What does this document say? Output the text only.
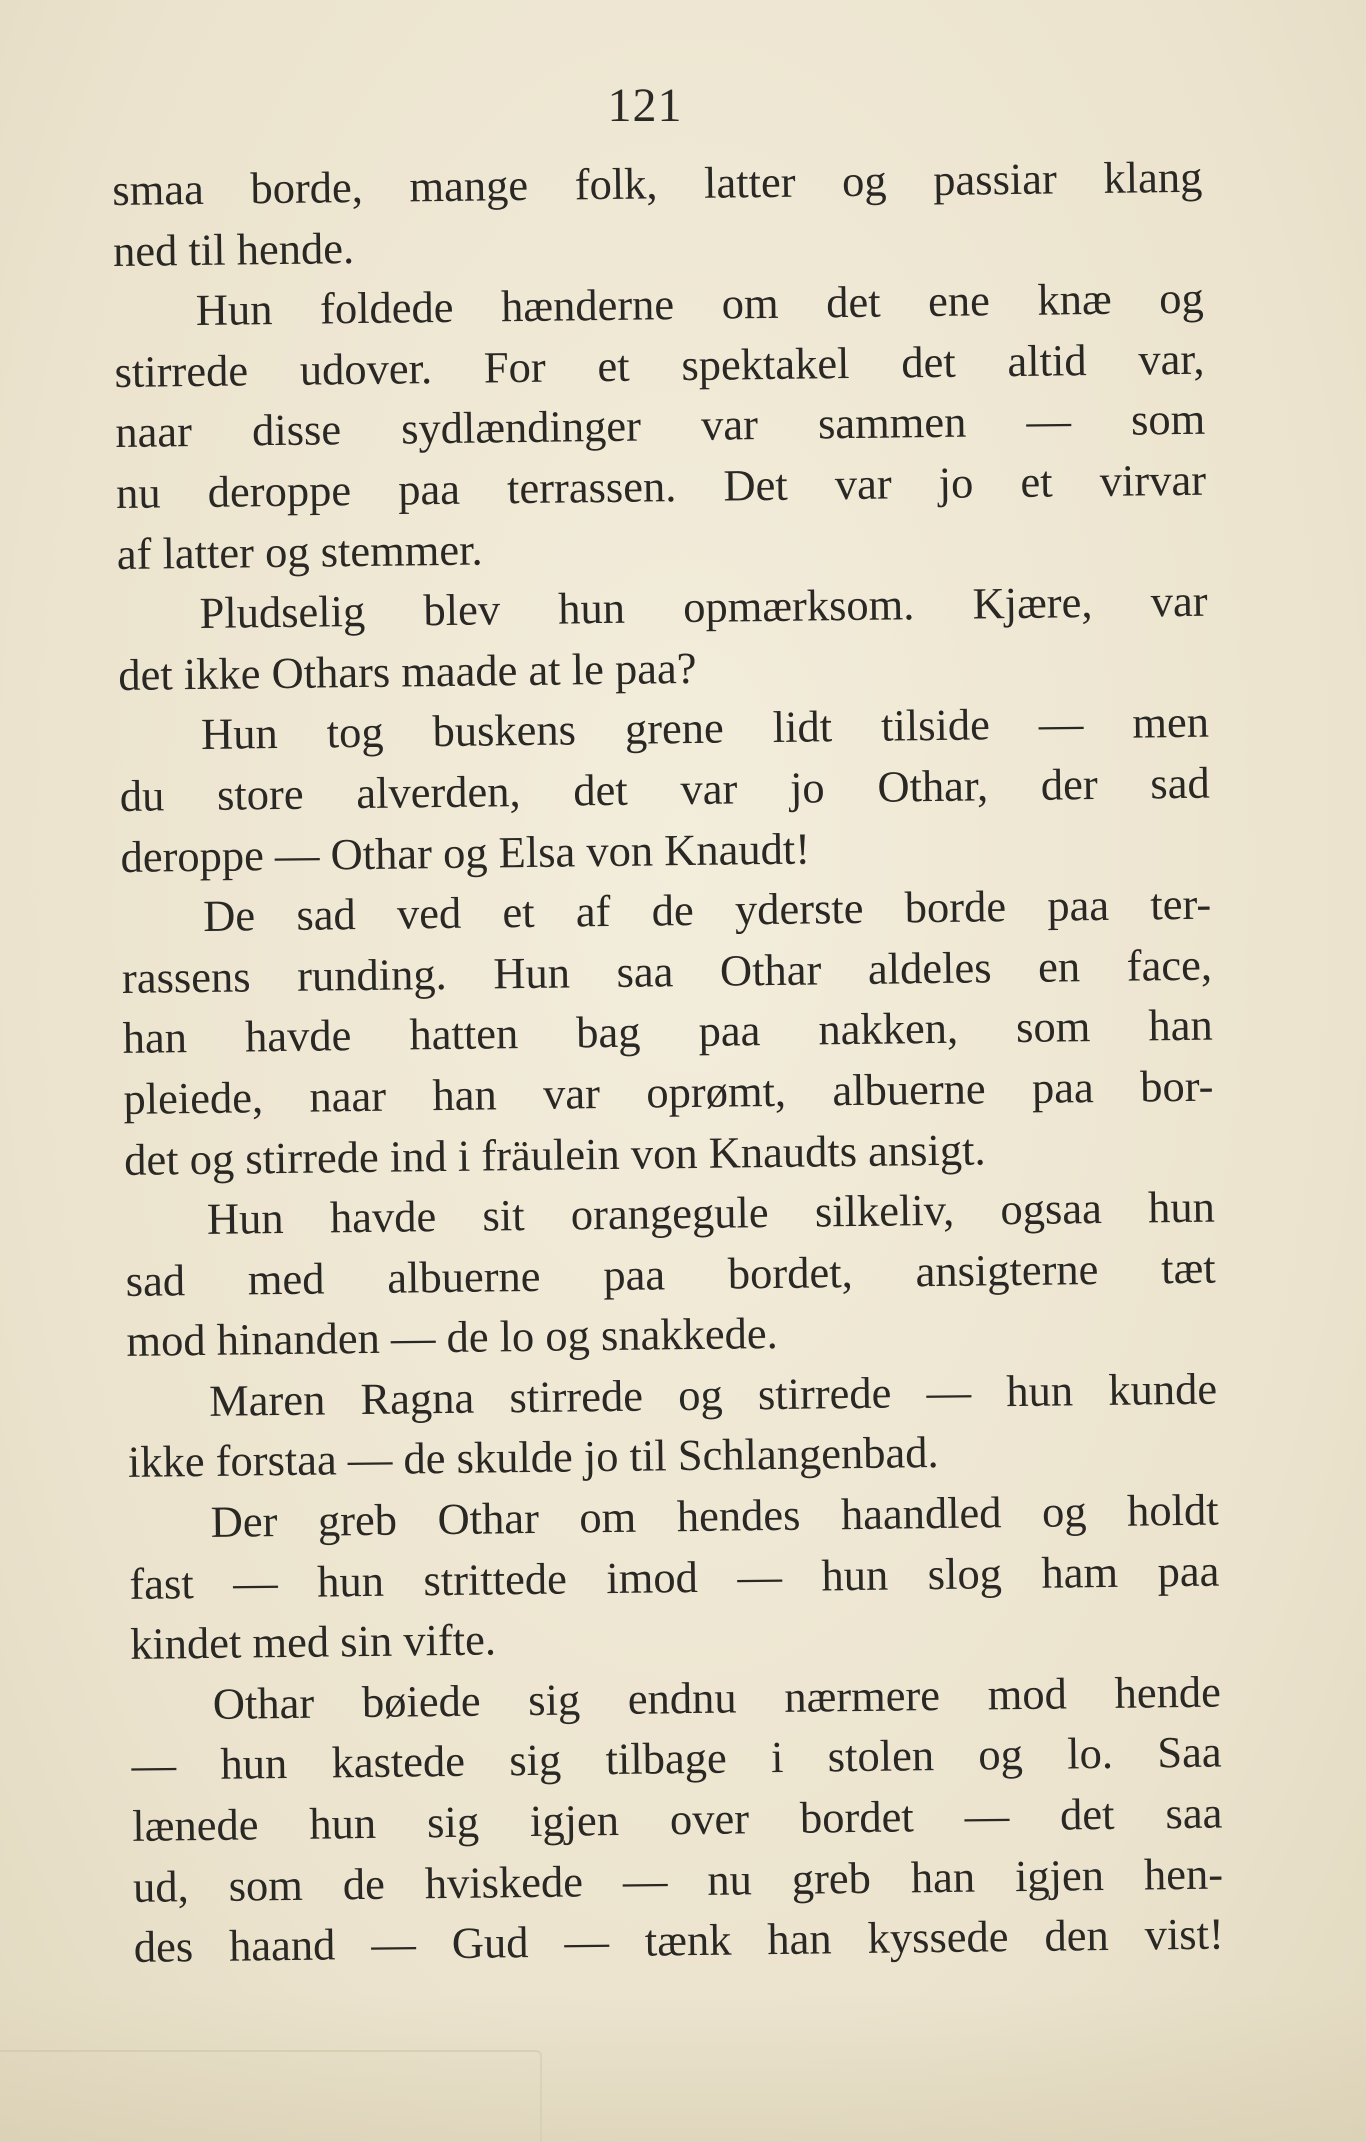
121
smaa borde, mange folk, latter og passiar klang
ned til hende.
Hun foldede hænderne om det ene knæ og
stirrede udover. For et spektakel det altid var,
naar disse sydlændinger var sammen — som
nu deroppe paa terrassen. Det var jo et virvar
af latter og stemmer.
Pludselig blev hun opmærksom. Kjære, var
det ikke Othars maade at le paa?
Hun tog buskens grene lidt tilside — men
du store alverden, det var jo Othar, der sad
deroppe — Othar og Elsa von Knaudt!
De sad ved et af de yderste borde paa ter-
rassens runding. Hun saa Othar aldeles en face,
han havde hatten bag paa nakken, som han
pleiede, naar han var oprømt, albuerne paa bor-
det og stirrede ind i fräulein von Knaudts ansigt.
Hun havde sit orangegule silkeliv, ogsaa hun
sad med albuerne paa bordet, ansigterne tæt
mod hinanden — de lo og snakkede.
Maren Ragna stirrede og stirrede — hun kunde
ikke forstaa — de skulde jo til Schlangenbad.
Der greb Othar om hendes haandled og holdt
fast — hun strittede imod — hun slog ham paa
kindet med sin vifte.
Othar bøiede sig endnu nærmere mod hende
— hun kastede sig tilbage i stolen og lo. Saa
lænede hun sig igjen over bordet — det saa
ud, som de hviskede — nu greb han igjen hen-
des haand — Gud — tænk han kyssede den vist!
